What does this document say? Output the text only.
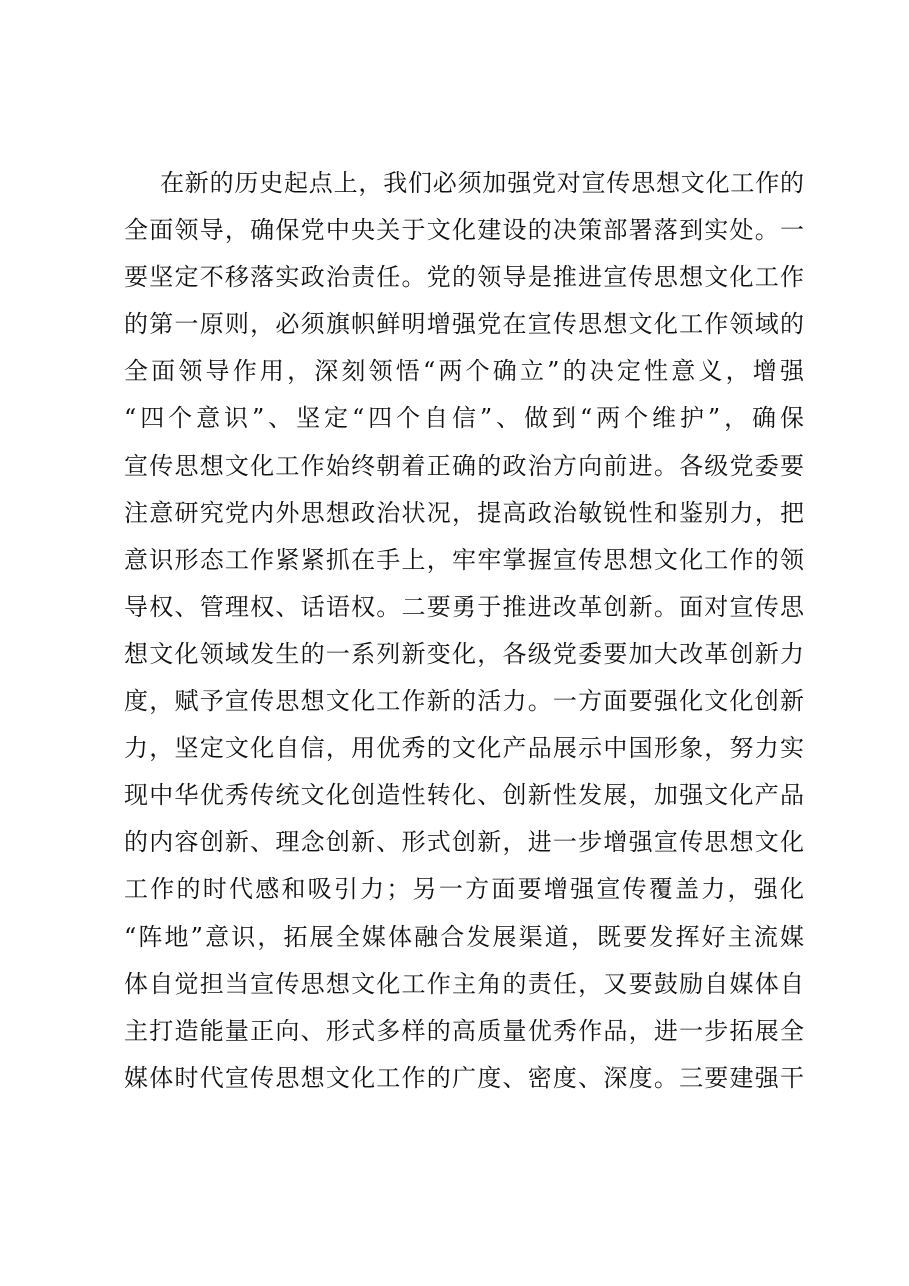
在新的历史起点上，我们必须加强党对宣传思想文化工作的
全面领导，确保党中央关于文化建设的决策部署落到实处。一
要坚定不移落实政治责任。党的领导是推进宣传思想文化工作
的第一原则，必须旗帜鲜明增强党在宣传思想文化工作领域的
全面领导作用，深刻领悟“两个确立”的决定性意义，增强
“四个意识”、坚定“四个自信”、做到“两个维护”，确保
宣传思想文化工作始终朝着正确的政治方向前进。各级党委要
注意研究党内外思想政治状况，提高政治敏锐性和鉴别力，把
意识形态工作紧紧抓在手上，牢牢掌握宣传思想文化工作的领
导权、管理权、话语权。二要勇于推进改革创新。面对宣传思
想文化领域发生的一系列新变化，各级党委要加大改革创新力
度，赋予宣传思想文化工作新的活力。一方面要强化文化创新
力，坚定文化自信，用优秀的文化产品展示中国形象，努力实
现中华优秀传统文化创造性转化、创新性发展，加强文化产品
的内容创新、理念创新、形式创新，进一步增强宣传思想文化
工作的时代感和吸引力；另一方面要增强宣传覆盖力，强化
“阵地”意识，拓展全媒体融合发展渠道，既要发挥好主流媒
体自觉担当宣传思想文化工作主角的责任，又要鼓励自媒体自
主打造能量正向、形式多样的高质量优秀作品，进一步拓展全
媒体时代宣传思想文化工作的广度、密度、深度。三要建强干
